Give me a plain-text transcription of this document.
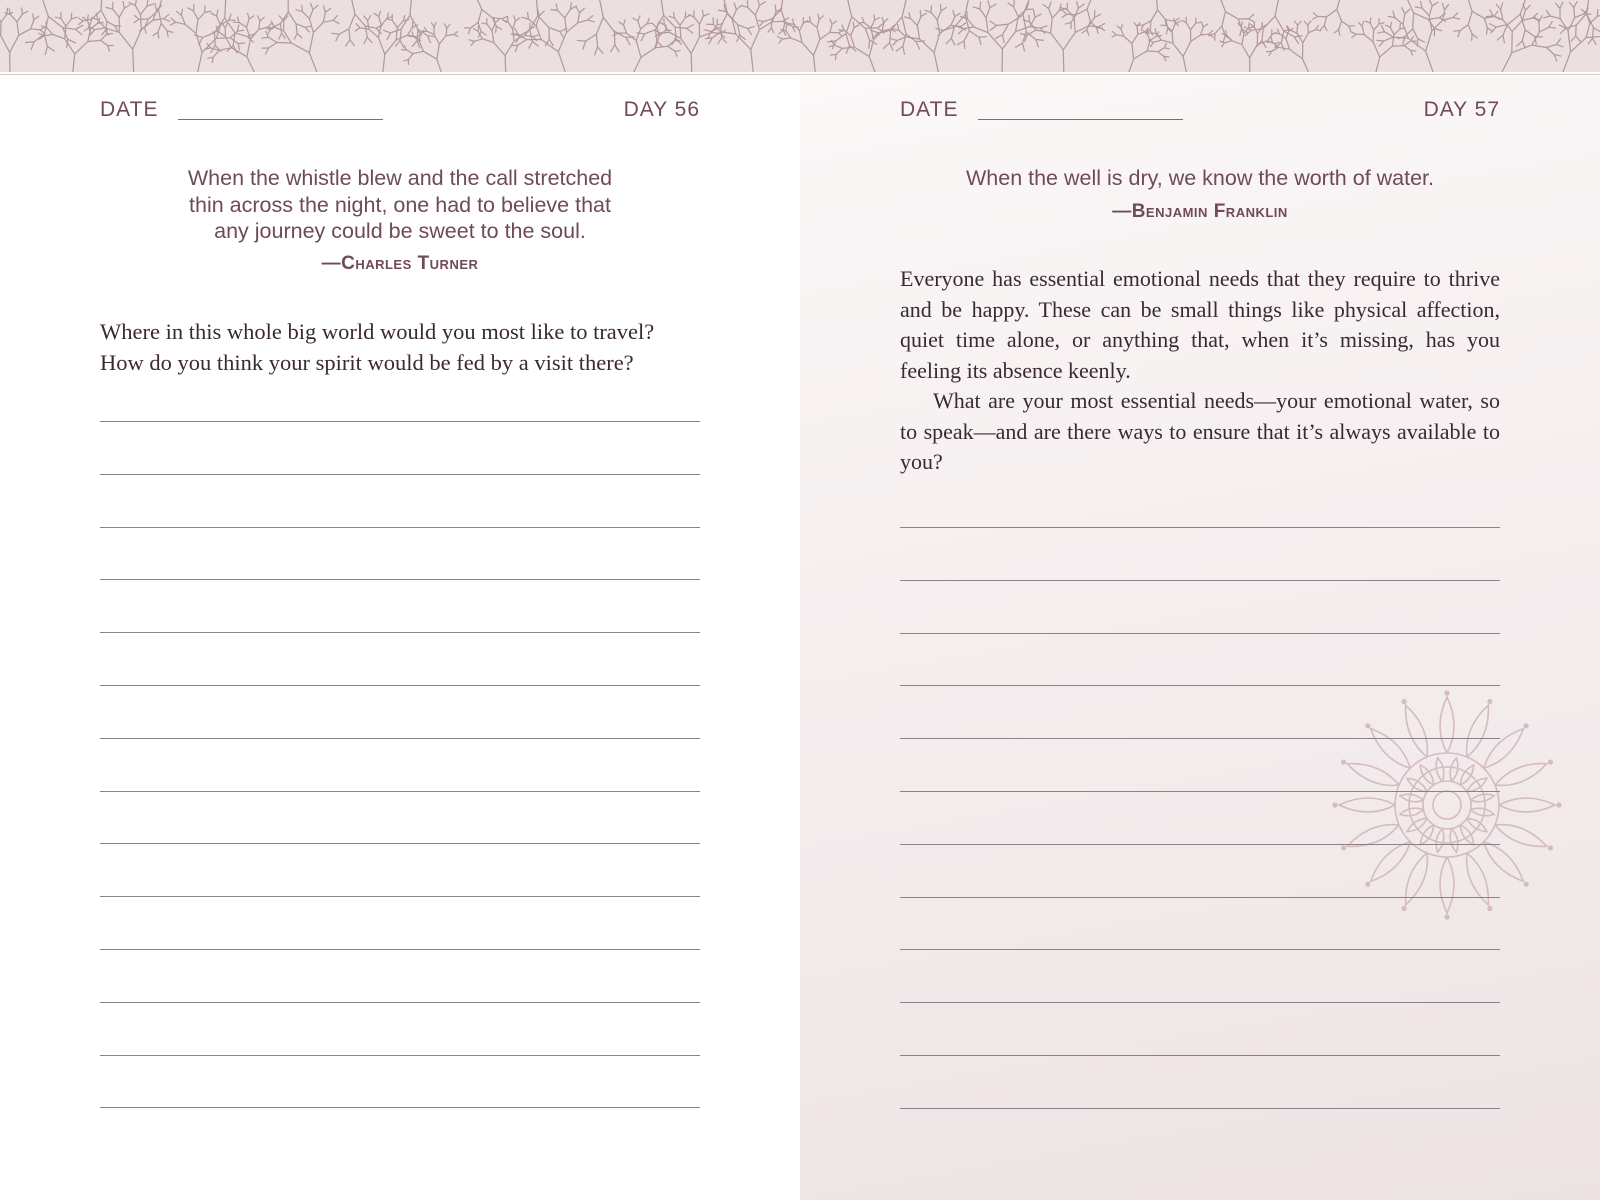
DATE	DAY 56
When the whistle blew and the call stretched
thin across the night, one had to believe that
any journey could be sweet to the soul.
—Charles Turner
Where in this whole big world would you most like to travel?
How do you think your spirit would be fed by a visit there?
DATE	DAY 57
When the well is dry, we know the worth of water.
—Benjamin Franklin

Everyone has essential emotional needs that they require to thrive and be happy. These can be small things like physical affection, quiet time alone, or anything that, when it’s missing, has you feeling its absence keenly.

What are your most essential needs—your emotional water, so to speak—and are there ways to ensure that it’s always available to you?
